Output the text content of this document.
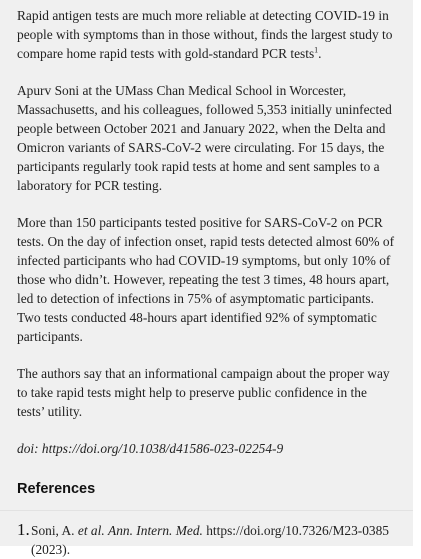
Rapid antigen tests are much more reliable at detecting COVID-19 in people with symptoms than in those without, finds the largest study to compare home rapid tests with gold-standard PCR tests$^1$.

Apurv Soni at the UMass Chan Medical School in Worcester, Massachusetts, and his colleagues, followed 5,353 initially uninfected people between October 2021 and January 2022, when the Delta and Omicron variants of SARS-CoV-2 were circulating. For 15 days, the participants regularly took rapid tests at home and sent samples to a laboratory for PCR testing.

More than 150 participants tested positive for SARS-CoV-2 on PCR tests. On the day of infection onset, rapid tests detected almost 60% of infected participants who had COVID-19 symptoms, but only 10% of those who didn’t. However, repeating the test 3 times, 48 hours apart, led to detection of infections in 75% of asymptomatic participants. Two tests conducted 48-hours apart identified 92% of symptomatic participants.

The authors say that an informational campaign about the proper way to take rapid tests might help to preserve public confidence in the tests’ utility.

doi: https://doi.org/10.1038/d41586-023-02254-9

References
1. Soni, A. et al. Ann. Intern. Med. https://doi.org/10.7326/M23-0385 (2023).
